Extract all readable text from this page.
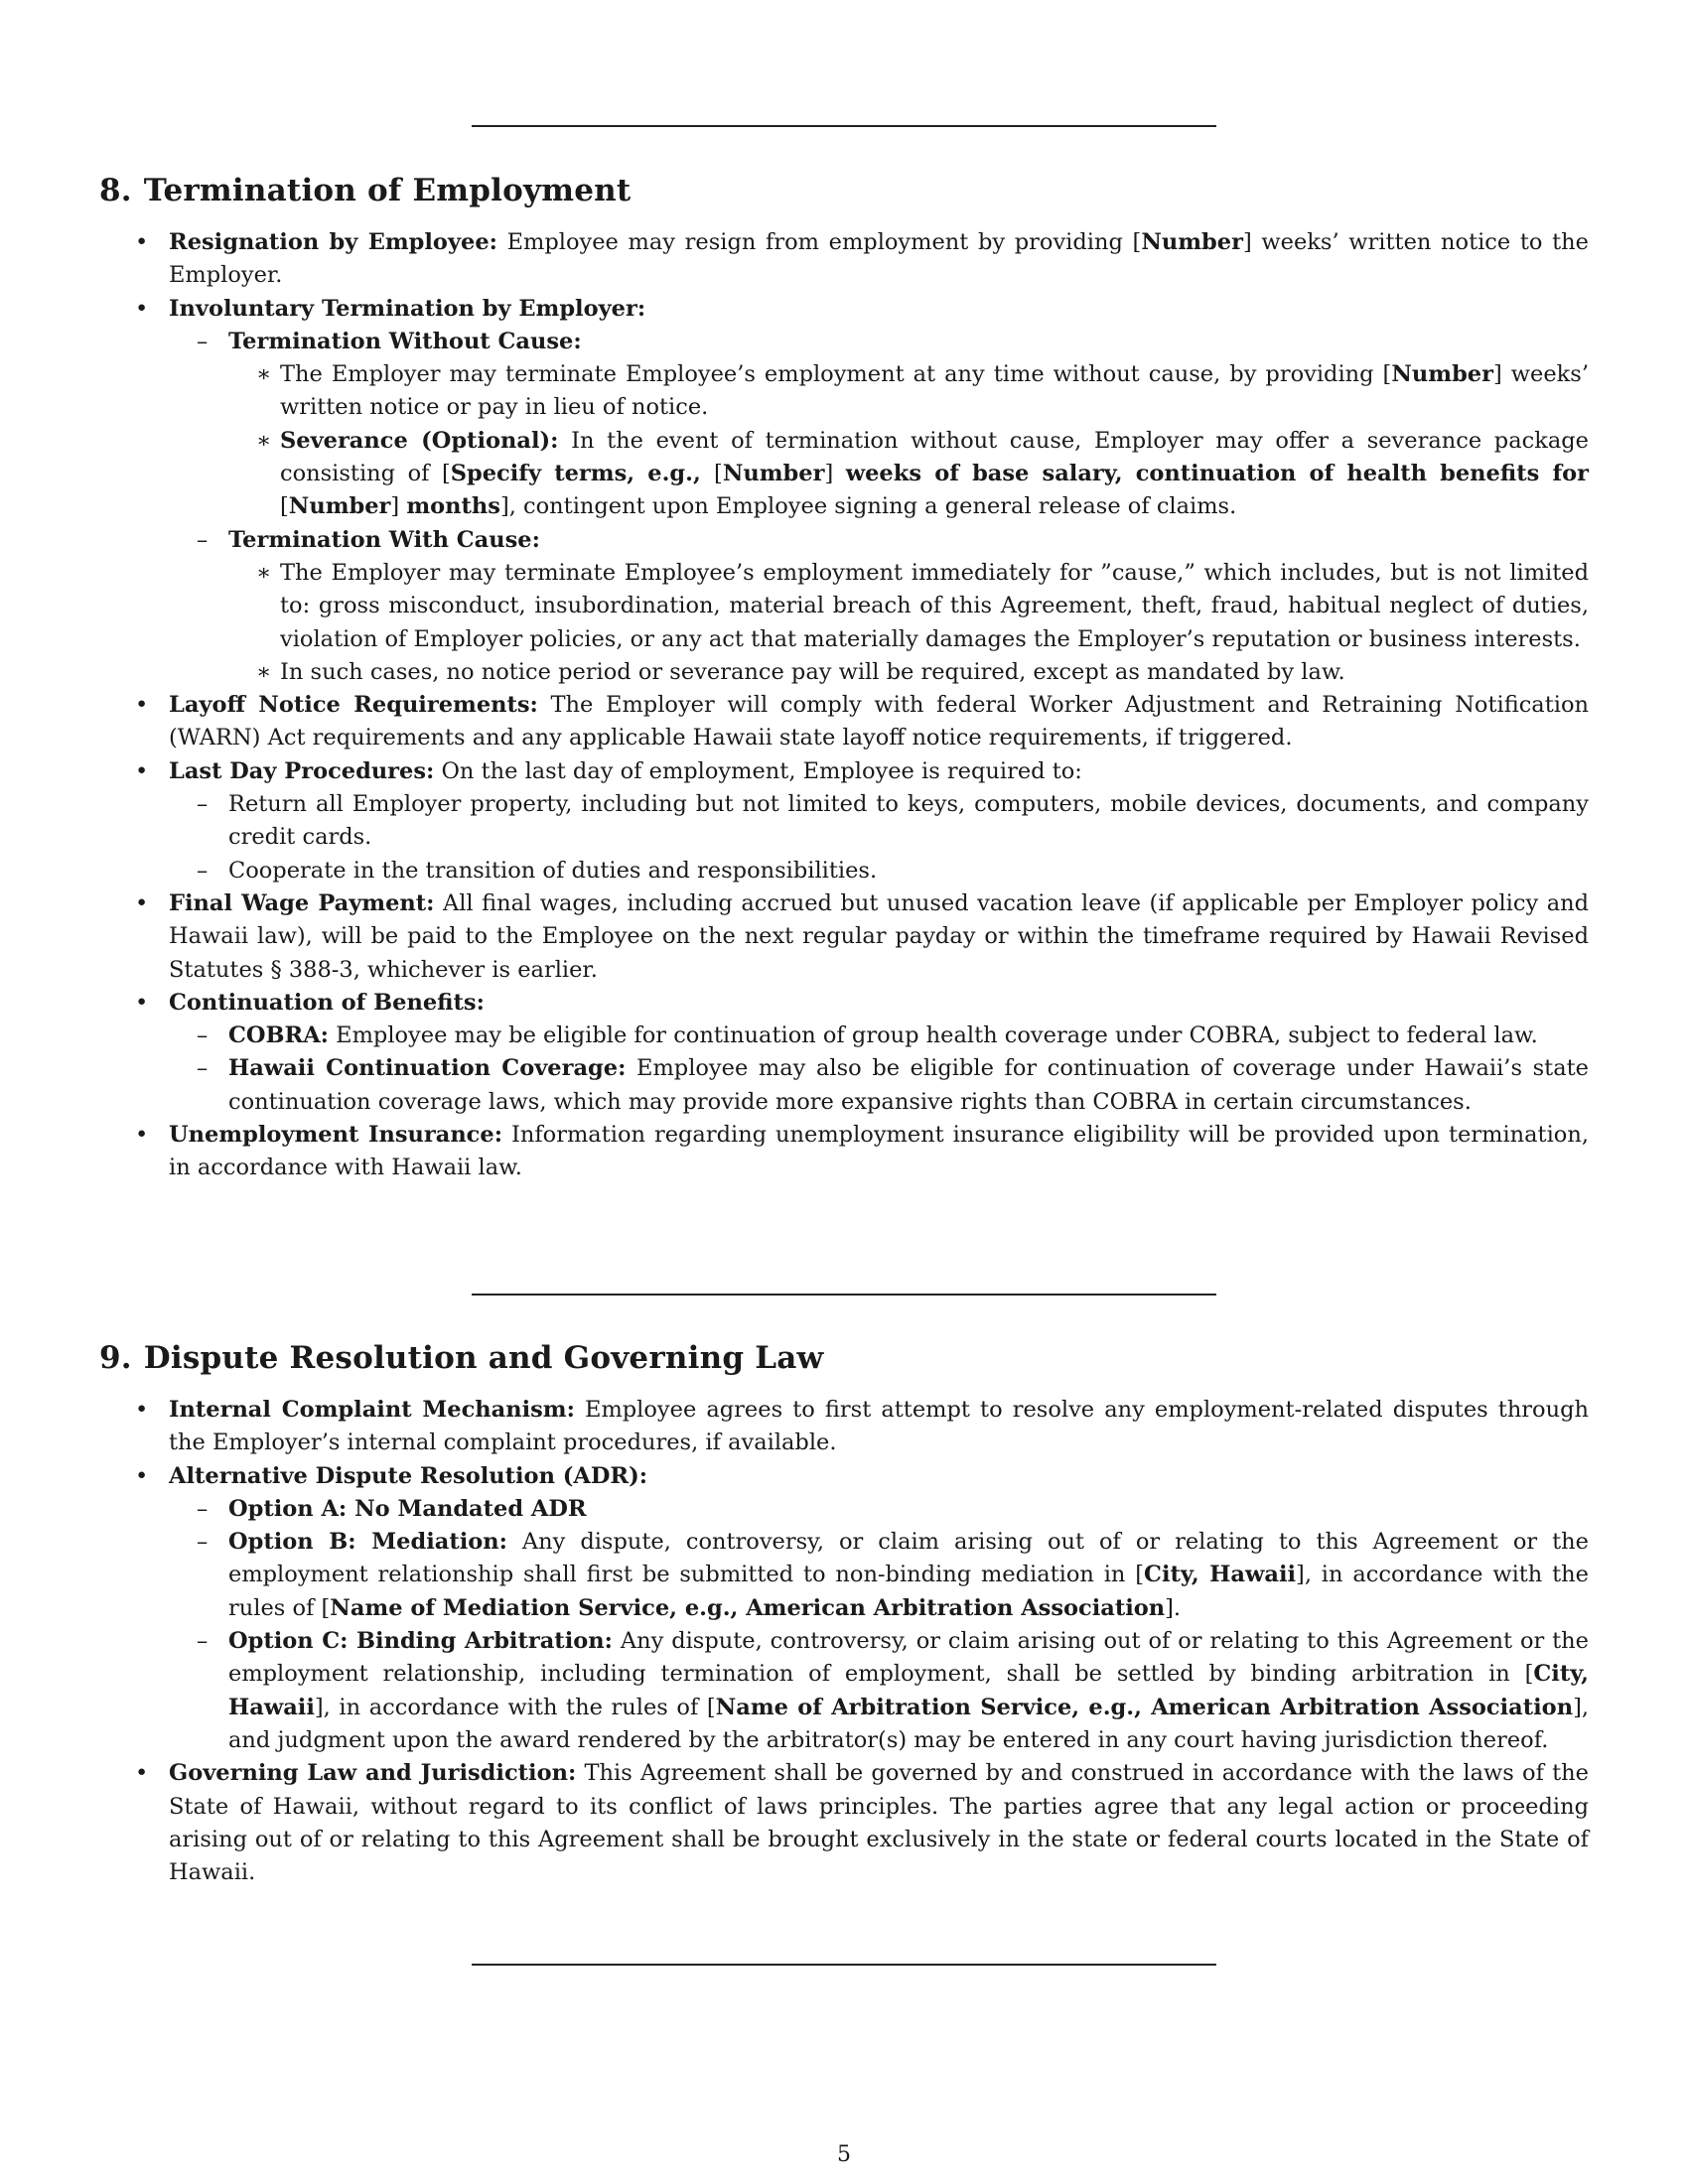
8. Termination of Employment
• Resignation by Employee: Employee may resign from employment by providing [Number] weeks’ written notice to the Employer.
• Involuntary Termination by Employer:
– Termination Without Cause:
∗ The Employer may terminate Employee’s employment at any time without cause, by providing [Number] weeks’ written notice or pay in lieu of notice.
∗ Severance (Optional): In the event of termination without cause, Employer may offer a severance package consisting of [Specify terms, e.g., [Number] weeks of base salary, continuation of health benefits for [Number] months], contingent upon Employee signing a general release of claims.
– Termination With Cause:
∗ The Employer may terminate Employee’s employment immediately for ”cause,” which includes, but is not limited to: gross misconduct, insubordination, material breach of this Agreement, theft, fraud, habitual neglect of duties, violation of Employer policies, or any act that materially damages the Employer’s reputation or business interests.
∗ In such cases, no notice period or severance pay will be required, except as mandated by law.
• Layoff Notice Requirements: The Employer will comply with federal Worker Adjustment and Retraining Notification (WARN) Act requirements and any applicable Hawaii state layoff notice requirements, if triggered.
• Last Day Procedures: On the last day of employment, Employee is required to:
– Return all Employer property, including but not limited to keys, computers, mobile devices, documents, and company credit cards.
– Cooperate in the transition of duties and responsibilities.
• Final Wage Payment: All final wages, including accrued but unused vacation leave (if applicable per Employer policy and Hawaii law), will be paid to the Employee on the next regular payday or within the timeframe required by Hawaii Revised Statutes § 388-3, whichever is earlier.
• Continuation of Benefits:
– COBRA: Employee may be eligible for continuation of group health coverage under COBRA, subject to federal law.
– Hawaii Continuation Coverage: Employee may also be eligible for continuation of coverage under Hawaii’s state continuation coverage laws, which may provide more expansive rights than COBRA in certain circumstances.
• Unemployment Insurance: Information regarding unemployment insurance eligibility will be provided upon termination, in accordance with Hawaii law.
9. Dispute Resolution and Governing Law
• Internal Complaint Mechanism: Employee agrees to first attempt to resolve any employment-related disputes through the Employer’s internal complaint procedures, if available.
• Alternative Dispute Resolution (ADR):
– Option A: No Mandated ADR
– Option B: Mediation: Any dispute, controversy, or claim arising out of or relating to this Agreement or the employment relationship shall first be submitted to non-binding mediation in [City, Hawaii], in accordance with the rules of [Name of Mediation Service, e.g., American Arbitration Association].
– Option C: Binding Arbitration: Any dispute, controversy, or claim arising out of or relating to this Agreement or the employment relationship, including termination of employment, shall be settled by binding arbitration in [City, Hawaii], in accordance with the rules of [Name of Arbitration Service, e.g., American Arbitration Association], and judgment upon the award rendered by the arbitrator(s) may be entered in any court having jurisdiction thereof.
• Governing Law and Jurisdiction: This Agreement shall be governed by and construed in accordance with the laws of the State of Hawaii, without regard to its conflict of laws principles. The parties agree that any legal action or proceeding arising out of or relating to this Agreement shall be brought exclusively in the state or federal courts located in the State of Hawaii.
5
